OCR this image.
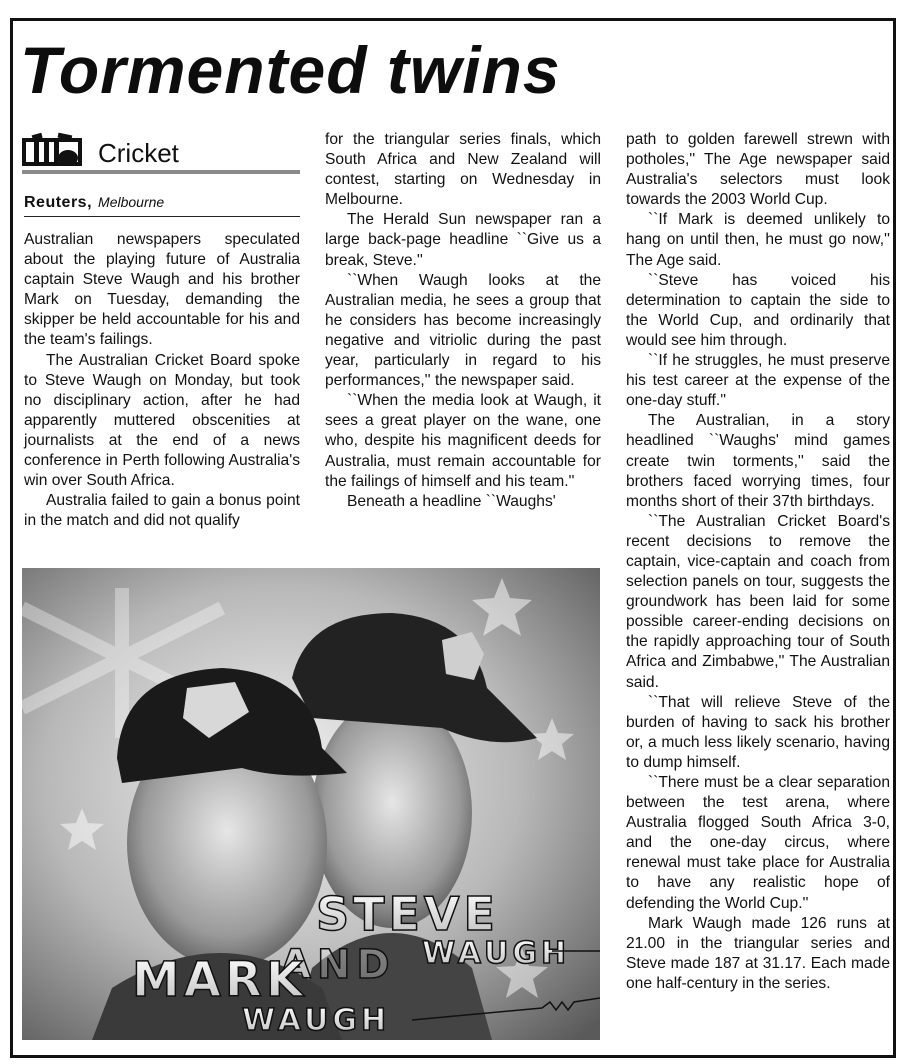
Tormented twins
Cricket
Reuters, Melbourne

Australian newspapers speculated about the playing future of Australia captain Steve Waugh and his brother Mark on Tuesday, demanding the skipper be held accountable for his and the team's failings.

The Australian Cricket Board spoke to Steve Waugh on Monday, but took no disciplinary action, after he had apparently muttered obscenities at journalists at the end of a news conference in Perth following Australia's win over South Africa.

Australia failed to gain a bonus point in the match and did not qualify

for the triangular series finals, which South Africa and New Zealand will contest, starting on Wednesday in Melbourne.

The Herald Sun newspaper ran a large back-page headline ``Give us a break, Steve.''

``When Waugh looks at the Australian media, he sees a group that he considers has become increasingly negative and vitriolic during the past year, particularly in regard to his performances,'' the newspaper said.

``When the media look at Waugh, it sees a great player on the wane, one who, despite his magnificent deeds for Australia, must remain accountable for the failings of himself and his team.''

Beneath a headline ``Waughs'

path to golden farewell strewn with potholes,'' The Age newspaper said Australia's selectors must look towards the 2003 World Cup.

``If Mark is deemed unlikely to hang on until then, he must go now,'' The Age said.

``Steve has voiced his determination to captain the side to the World Cup, and ordinarily that would see him through.

``If he struggles, he must preserve his test career at the expense of the one-day stuff.''

The Australian, in a story headlined ``Waughs' mind games create twin torments,'' said the brothers faced worrying times, four months short of their 37th birthdays.

``The Australian Cricket Board's recent decisions to remove the captain, vice-captain and coach from selection panels on tour, suggests the groundwork has been laid for some possible career-ending decisions on the rapidly approaching tour of South Africa and Zimbabwe,'' The Australian said.

``That will relieve Steve of the burden of having to sack his brother or, a much less likely scenario, having to dump himself.

``There must be a clear separation between the test arena, where Australia flogged South Africa 3-0, and the one-day circus, where renewal must take place for Australia to have any realistic hope of defending the World Cup.''

Mark Waugh made 126 runs at 21.00 in the triangular series and Steve made 187 at 31.17. Each made one half-century in the series.

STEVE
WAUGH
AND
MARK
WAUGH
